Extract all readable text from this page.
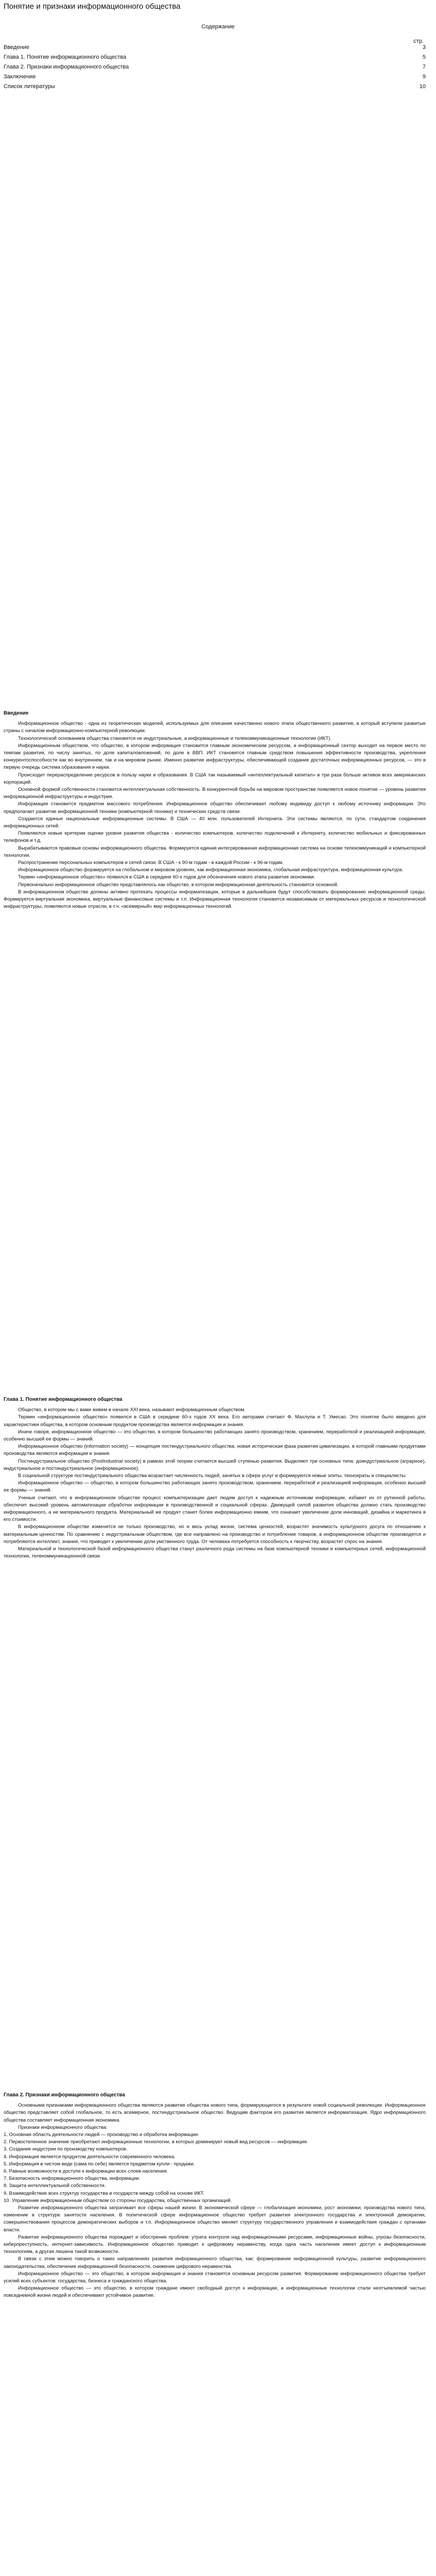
Понятие и признаки информационного общества
Содержание
стр.
Введение	3
Глава 1. Понятие информационного общества	5
Глава 2. Признаки информационного общества	7
Заключение	9
Список литературы	10
Введение

Информационное общество - одна из теоретических моделей, используемых для описания качественно нового этапа общественного развития, в который вступили развитые страны с началом информационно-компьютерной революции.

Технологической основанием общества становятся не индустриальные, а информационные и телекоммуникационные технологии (ИКТ).

Информационным обществом, что общество, в котором информация становится главным экономическим ресурсом, а информационный сектор выходит на первое место по темпам развития, по числу занятых, по доле капиталовложений, по доле в ВВП. ИКТ становятся главным средством повышения эффективности производства, укрепления конкурентоспособности как во внутреннем, так и на мировом рынке. Именно развитие инфраструктуры, обеспечивающей создание достаточных информационных ресурсов, — это в первую очередь система образования и науки.

Происходит перераспределение ресурсов в пользу науки и образования. В США так называемый «интеллектуальный капитал» в три раза больше активов всех американских корпораций.

Основной формой собственности становится интеллектуальная собственность. В конкурентной борьбе на мировом пространстве появляется новое понятие — уровень развития информационной инфраструктуры и индустрии.

Информация становится предметом массового потребления. Информационное общество обеспечивает любому индивиду доступ к любому источнику информации. Это предполагает развитие информационной техники (компьютерной техники) и технических средств связи.

Создаются единые национальные информационные системы. В США — 40 млн. пользователей Интернета. Эти системы являются, по сути, стандартом соединения информационных сетей.

Появляются новые критерии оценки уровня развития общества - количество компьютеров, количество подключений к Интернету, количество мобильных и фиксированных телефонов и т.д.

Вырабатываются правовые основы информационного общества. Формируется единая интегрированная информационная система на основе телекоммуникаций и компьютерной технологии.

Распространение персональных компьютеров и сетей связи. В США - к 90-м годам - в каждой России - к 96-м годам.

Информационное общество формируется на глобальном и мировом уровнях, как информационная экономика, глобальная инфраструктура, информационная культура.

Термин «информационное общество» появился в США в середине 60-х годов для обозначения нового этапа развития экономики.

Первоначально информационное общество представлялось как общество, в котором информационная деятельность становится основной.

В информационном обществе должны активно протекать процессы информатизации, которые в дальнейшем будут способствовать формированию информационной среды. Формируется виртуальная экономика, виртуальные финансовые системы и т.п. Информационная технология становится независимым от материальных ресурсов и технологической инфраструктуры, появляются новые отрасли, в т.ч. «всемирный» мир информационных технологий.

Глава 1. Понятие информационного общества

Общество, в котором мы с вами живем в начале XXI века, называют информационным обществом.

Термин «информационное общество» появился в США в середине 60-х годов ХХ века. Его авторами считают Ф. Махлупа и Т. Умесао. Это понятие было введено для характеристики общества, в котором основным продуктом производства является информация и знания.

Иначе говоря, информационное общество — это общество, в котором большинство работающих занято производством, хранением, переработкой и реализацией информации, особенно высшей ее формы — знаний.

Информационное общество (information society) — концепция постиндустриального общества; новая историческая фаза развития цивилизации, в которой главными продуктами производства являются информация и знания.

Постиндустриальное общество (PostIndustrial society) в рамках этой теории считается высшей ступенью развития. Выделяют три основных типа: доиндустриальное (аграрное), индустриальное и постиндустриальное (информационное).

В социальной структуре постиндустриального общества возрастает численность людей, занятых в сфере услуг и формируются новые элиты, технократы и специалисты.

Информационное общество — общество, в котором большинство работающих занято производством, хранением, переработкой и реализацией информации, особенно высшей ее формы — знаний.

Ученые считают, что в информационном обществе процесс компьютеризации дает людям доступ к надежным источникам информации, избавит их от рутинной работы, обеспечит высокий уровень автоматизации обработки информации в производственной и социальной сферах. Движущей силой развития общества должно стать производство информационного, а не материального продукта. Материальный же продукт станет более информационно емким, что означает увеличение доли инноваций, дизайна и маркетинга в его стоимости.

В информационном обществе изменится не только производство, но и весь уклад жизни, система ценностей, возрастет значимость культурного досуга по отношению к материальным ценностям. По сравнению с индустриальным обществом, где все направлено на производство и потребление товаров, в информационном обществе производятся и потребляются интеллект, знания, что приводит к увеличению доли умственного труда. От человека потребуется способность к творчеству, возрастет спрос на знания.

Материальной и технологической базой информационного общества станут различного рода системы на базе компьютерной техники и компьютерных сетей, информационной технологии, телекоммуникационной связи.

Глава 2. Признаки информационного общества

Основными признаками информационного общества являются развитие общества нового типа, формирующегося в результате новой социальной революции. Информационное общество представляет собой глобальное, то есть всемирное, постиндустриальное общество. Ведущим фактором его развития является информатизация. Ядро информационного общества составляет информационная экономика.

Признаки информационного общества:

1. Основная область деятельности людей — производство и обработка информации.

2. Первостепенное значение приобретают информационные технологии, в которых доминирует новый вид ресурсов — информация.

3. Создание индустрии по производству компьютеров.

4. Информация является продуктом деятельности современного человека.

5. Информация в чистом виде (сама по себе) является предметом купли - продажи.

6. Равные возможности в доступе к информации всех слоев населения.

7. Безопасность информационного общества, информации.

8. Защита интеллектуальной собственности.

9. Взаимодействие всех структур государства и государств между собой на основе ИКТ.

10. Управление информационным обществом со стороны государства, общественных организаций.

Развитие информационного общества затрагивает все сферы нашей жизни. В экономической сфере — глобализация экономики, рост экономики, производства нового типа, изменение в структуре занятости населения. В политической сфере информационное общество требует развития электронного государства и электронной демократии, совершенствования процессов демократических выборов и т.п. Информационное общество меняет структуру государственного управления и взаимодействия граждан с органами власти.

Развитие информационного общества порождает и обострение проблем: утрата контроля над информационными ресурсами, информационные войны, угрозы безопасности, киберпреступность, интернет-зависимость. Информационное общество приводит к цифровому неравенству, когда одна часть населения имеет доступ к информационным технологиям, а другая лишена такой возможности.

В связи с этим можно говорить о таких направлениях развития информационного общества, как: формирование информационной культуры, развитие информационного законодательства, обеспечение информационной безопасности, снижение цифрового неравенства.

Информационное общество — это общество, в котором информация и знания становятся основным ресурсом развития. Формирование информационного общества требует усилий всех субъектов: государства, бизнеса и гражданского общества.

Информационное общество — это общество, в котором граждане имеют свободный доступ к информации, а информационные технологии стали неотъемлемой частью повседневной жизни людей и обеспечивают устойчивое развитие.
